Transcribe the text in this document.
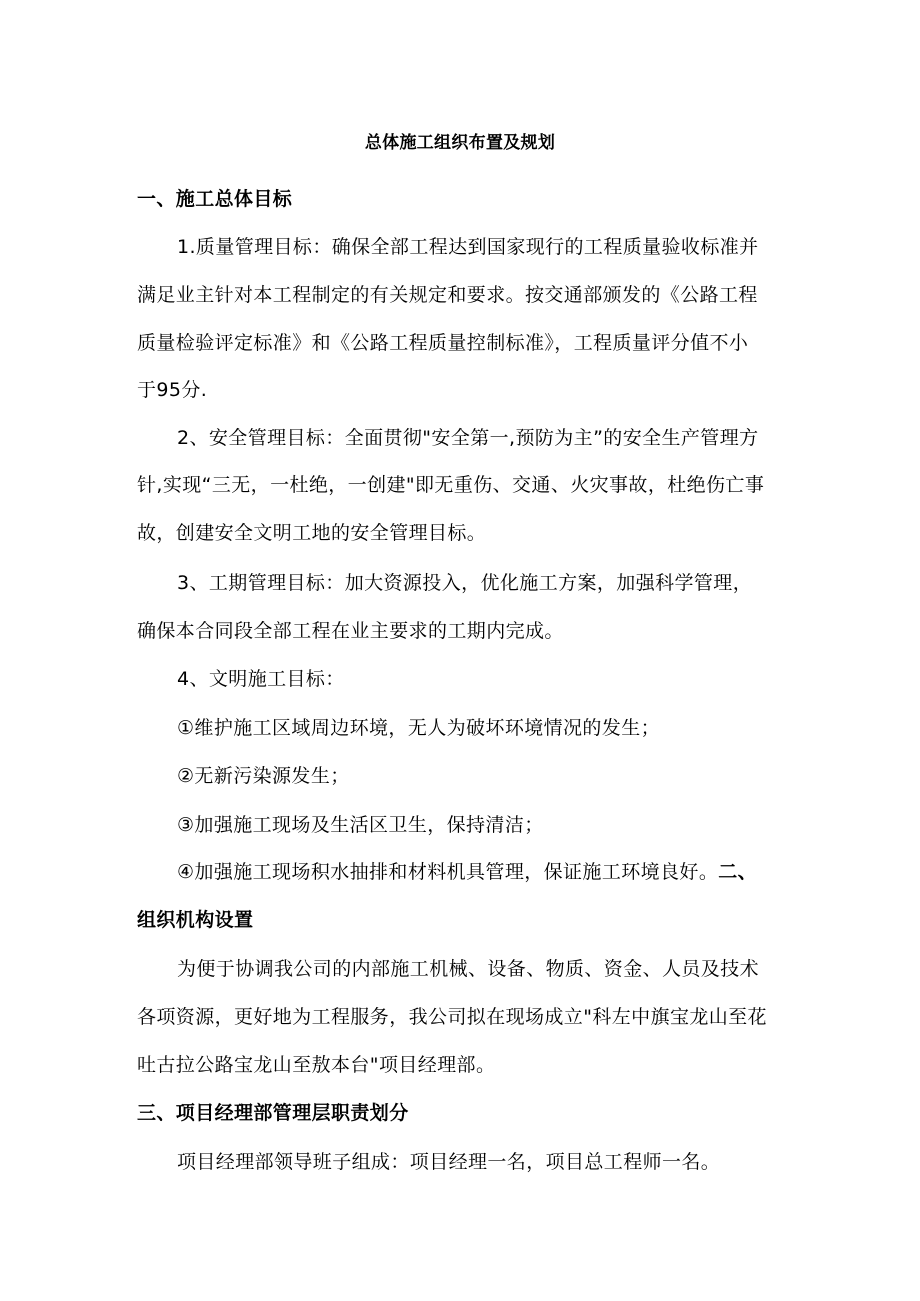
总体施工组织布置及规划
一、施工总体目标
1.质量管理目标：确保全部工程达到国家现行的工程质量验收标准并
满足业主针对本工程制定的有关规定和要求。按交通部颁发的《公路工程
质量检验评定标准》和《公路工程质量控制标准》，工程质量评分值不小
于95分.
2、安全管理目标：全面贯彻"安全第一,预防为主”的安全生产管理方
针,实现“三无，一杜绝，一创建"即无重伤、交通、火灾事故，杜绝伤亡事
故，创建安全文明工地的安全管理目标。
3、工期管理目标：加大资源投入，优化施工方案，加强科学管理，
确保本合同段全部工程在业主要求的工期内完成。
4、文明施工目标：
①维护施工区域周边环境，无人为破坏环境情况的发生；
②无新污染源发生；
③加强施工现场及生活区卫生，保持清洁；
④加强施工现场积水抽排和材料机具管理，保证施工环境良好。二、
组织机构设置
为便于协调我公司的内部施工机械、设备、物质、资金、人员及技术
各项资源，更好地为工程服务，我公司拟在现场成立"科左中旗宝龙山至花
吐古拉公路宝龙山至敖本台"项目经理部。
三、项目经理部管理层职责划分
项目经理部领导班子组成：项目经理一名，项目总工程师一名。
